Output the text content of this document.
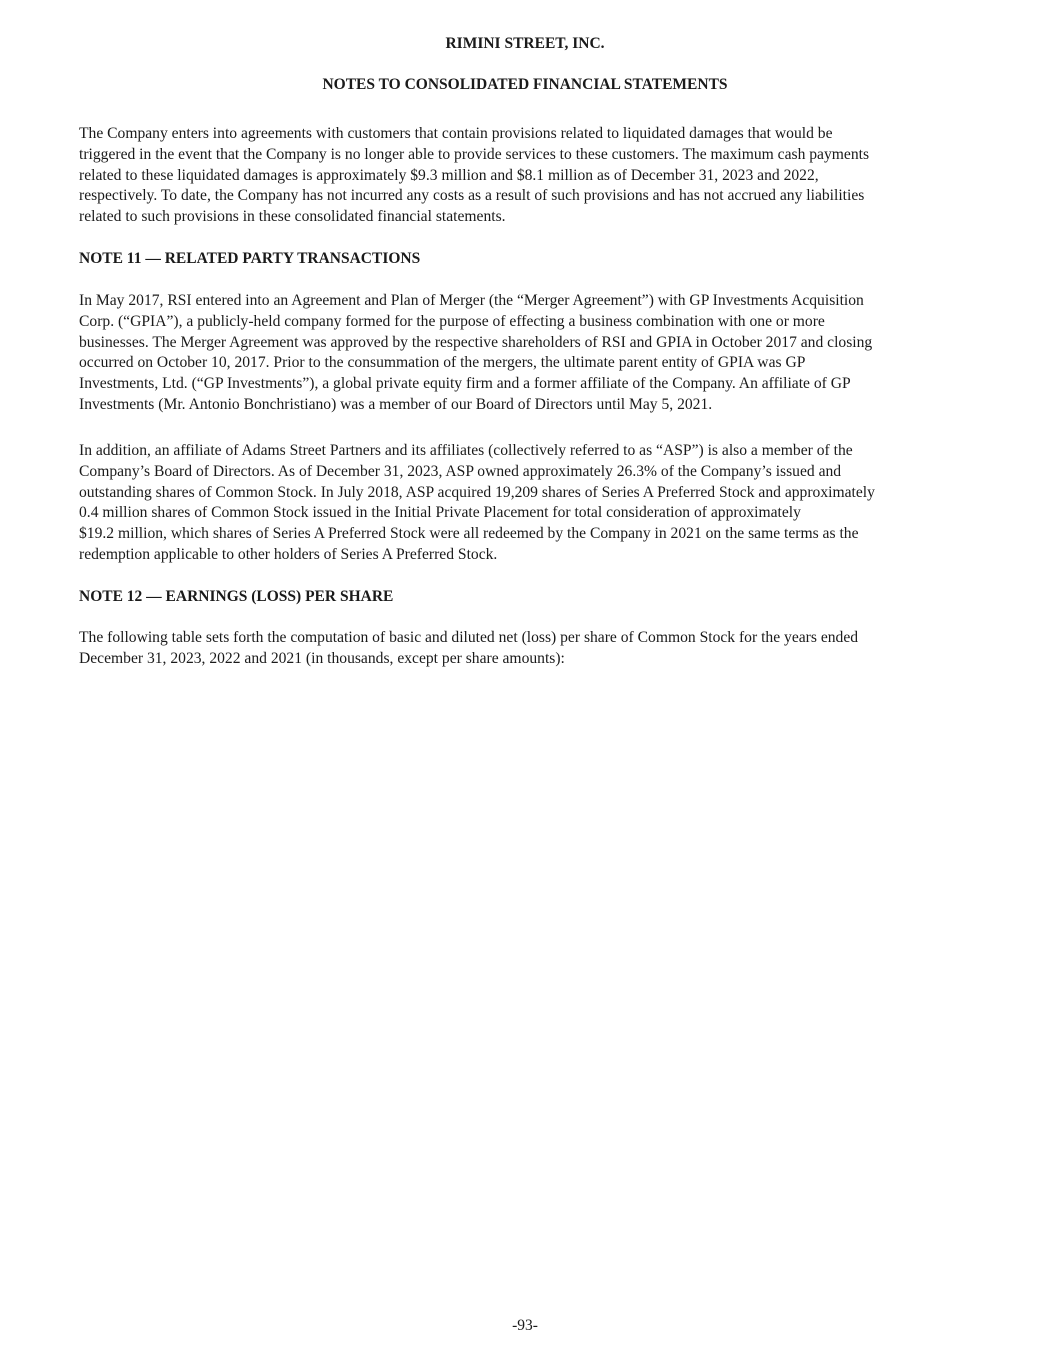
RIMINI STREET, INC.
NOTES TO CONSOLIDATED FINANCIAL STATEMENTS

The Company enters into agreements with customers that contain provisions related to liquidated damages that would be
triggered in the event that the Company is no longer able to provide services to these customers. The maximum cash payments
related to these liquidated damages is approximately $9.3 million and $8.1 million as of December 31, 2023 and 2022,
respectively. To date, the Company has not incurred any costs as a result of such provisions and has not accrued any liabilities
related to such provisions in these consolidated financial statements.

NOTE 11 — RELATED PARTY TRANSACTIONS

In May 2017, RSI entered into an Agreement and Plan of Merger (the “Merger Agreement”) with GP Investments Acquisition
Corp. (“GPIA”), a publicly-held company formed for the purpose of effecting a business combination with one or more
businesses. The Merger Agreement was approved by the respective shareholders of RSI and GPIA in October 2017 and closing
occurred on October 10, 2017. Prior to the consummation of the mergers, the ultimate parent entity of GPIA was GP
Investments, Ltd. (“GP Investments”), a global private equity firm and a former affiliate of the Company. An affiliate of GP
Investments (Mr. Antonio Bonchristiano) was a member of our Board of Directors until May 5, 2021.

In addition, an affiliate of Adams Street Partners and its affiliates (collectively referred to as “ASP”) is also a member of the
Company’s Board of Directors. As of December 31, 2023, ASP owned approximately 26.3% of the Company’s issued and
outstanding shares of Common Stock. In July 2018, ASP acquired 19,209 shares of Series A Preferred Stock and approximately
0.4 million shares of Common Stock issued in the Initial Private Placement for total consideration of approximately
$19.2 million, which shares of Series A Preferred Stock were all redeemed by the Company in 2021 on the same terms as the
redemption applicable to other holders of Series A Preferred Stock.

NOTE 12 — EARNINGS (LOSS) PER SHARE

The following table sets forth the computation of basic and diluted net (loss) per share of Common Stock for the years ended
December 31, 2023, 2022 and 2021 (in thousands, except per share amounts):

-93-
